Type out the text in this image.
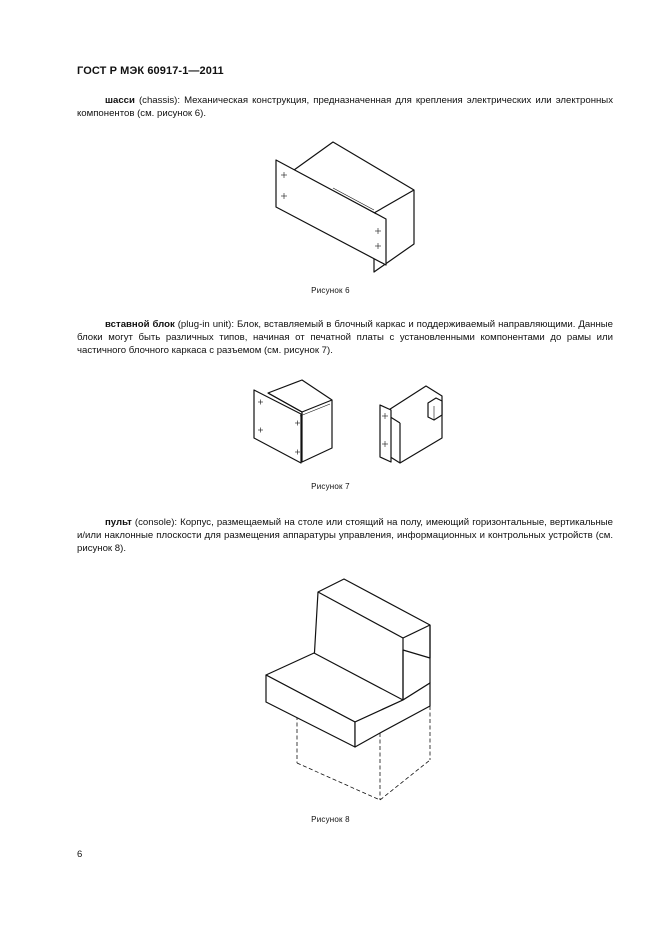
ГОСТ Р МЭК 60917-1—2011
шасси (chassis): Механическая конструкция, предназначенная для крепления электрических или электронных компонентов (см. рисунок 6).
Рисунок 6
вставной блок (plug-in unit): Блок, вставляемый в блочный каркас и поддерживаемый направляющими. Данные блоки могут быть различных типов, начиная от печатной платы с установленными компонентами до рамы или частичного блочного каркаса с разъемом (см. рисунок 7).
Рисунок 7
пульт (console): Корпус, размещаемый на столе или стоящий на полу, имеющий горизонтальные, вертикальные и/или наклонные плоскости для размещения аппаратуры управления, информационных и контрольных устройств (см. рисунок 8).
Рисунок 8
6
